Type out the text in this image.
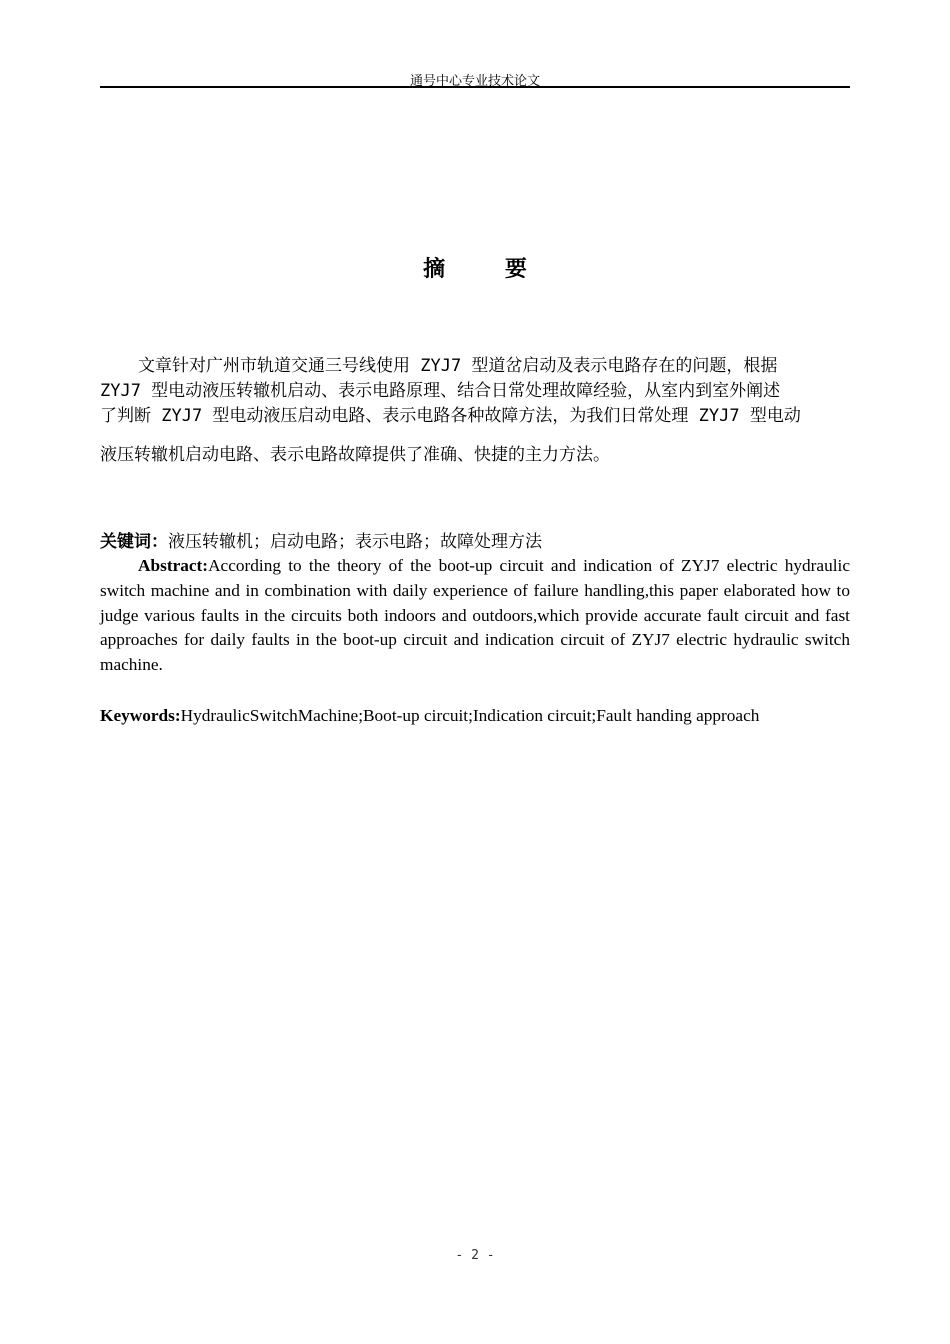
通号中心专业技术论文
摘 要
文章针对广州市轨道交通三号线使用 ZYJ7 型道岔启动及表示电路存在的问题，根据
ZYJ7 型电动液压转辙机启动、表示电路原理、结合日常处理故障经验，从室内到室外阐述
了判断 ZYJ7 型电动液压启动电路、表示电路各种故障方法，为我们日常处理 ZYJ7 型电动
液压转辙机启动电路、表示电路故障提供了准确、快捷的主力方法。
关键词：液压转辙机；启动电路；表示电路；故障处理方法
Abstract:According to the theory of the boot-up circuit and indication of ZYJ7 electric hydraulic switch machine and in combination with daily experience of failure handling,this paper elaborated how to judge various faults in the circuits both indoors and outdoors,which provide accurate fault circuit and fast approaches for daily faults in the boot-up circuit and indication circuit of ZYJ7 electric hydraulic switch machine.
Keywords:HydraulicSwitchMachine;Boot-up circuit;Indication circuit;Fault handing approach
- 2 -
